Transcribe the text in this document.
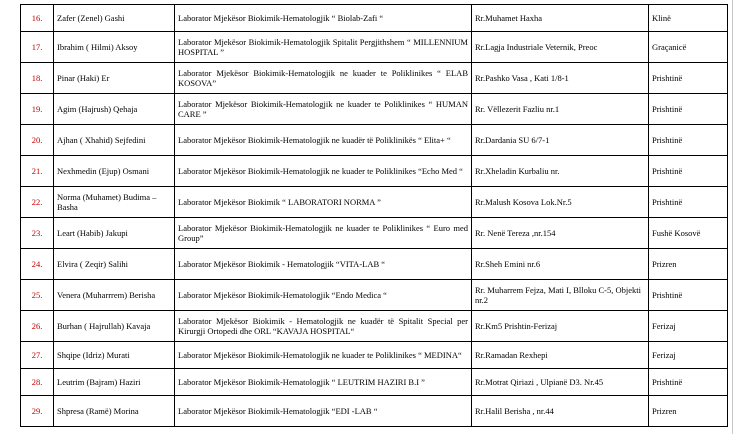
16.	Zafer (Zenel) Gashi	Laborator Mjekësor Biokimik-Hematologjik “ Biolab-Zafi “	Rr.Muhamet Haxha	Klinë
17.	Ibrahim ( Hilmi) Aksoy	Laborator Mjekësor Biokimik-Hematologjik Spitalit Pergjithshem “ MILLENNIUM HOSPITAL ”	Rr.Lagja Industriale Veternik, Preoc	Graçanicë
18.	Pinar (Haki) Er	Laborator Mjekësor Biokimik-Hematologjik ne kuader te Poliklinikes “ ELAB KOSOVA”	Rr.Pashko Vasa , Kati 1/8-1	Prishtinë
19.	Agim (Hajrush) Qehaja	Laborator Mjekësor Biokimik-Hematologjik ne kuader te Poliklinikes “ HUMAN CARE ”	Rr. Vëllezerit Fazliu nr.1	Prishtinë
20.	Ajhan ( Xhahid) Sejfedini	Laborator Mjekësor Biokimik-Hematologjik ne kuadër të Poliklinikës “ Elita+ “	Rr.Dardania SU 6/7-1	Prishtinë
21.	Nexhmedin (Ejup) Osmani	Laborator Mjekësor Biokimik-Hematologjik ne kuader te Poliklinikes “Echo Med “	Rr.Xheladin Kurbaliu nr.	Prishtinë
22.	Norma (Muhamet) Budima – Basha	Laborator Mjekësor Biokimik “ LABORATORI NORMA ”	Rr.Malush Kosova Lok.Nr.5	Prishtinë
23.	Leart (Habib) Jakupi	Laborator Mjekësor Biokimik-Hematologjik ne kuader te Poliklinikes “ Euro med Group”	Rr. Nenë Tereza ,nr.154	Fushë Kosovë
24.	Elvira ( Zeqir) Salihi	Laborator Mjekësor Biokimik - Hematologjik “VITA-LAB “	Rr.Sheh Emini nr.6	Prizren
25.	Venera (Muharrrem) Berisha	Laborator Mjekësor Biokimik-Hematologjik “Endo Medica “	Rr. Muharrem Fejza, Mati I, Blloku C-5, Objekti nr.2	Prishtinë
26.	Burhan ( Hajrullah) Kavaja	Laborator Mjekësor Biokimik - Hematologjik ne kuadër të Spitalit Special per Kirurgji Ortopedi dhe ORL “KAVAJA HOSPITAL“	Rr.Km5 Prishtin-Ferizaj	Ferizaj
27.	Shqipe (Idriz) Murati	Laborator Mjekësor Biokimik-Hematologjik ne kuader te Poliklinikes “ MEDINA“	Rr.Ramadan Rexhepi	Ferizaj
28.	Leutrim (Bajram) Haziri	Laborator Mjekësor Biokimik-Hematologjik “ LEUTRIM HAZIRI B.I ”	Rr.Motrat Qiriazi , Ulpianë D3. Nr.45	Prishtinë
29.	Shpresa (Ramë) Morina	Laborator Mjekësor Biokimik-Hematologjik “EDI -LAB “	Rr.Halil Berisha , nr.44	Prizren
